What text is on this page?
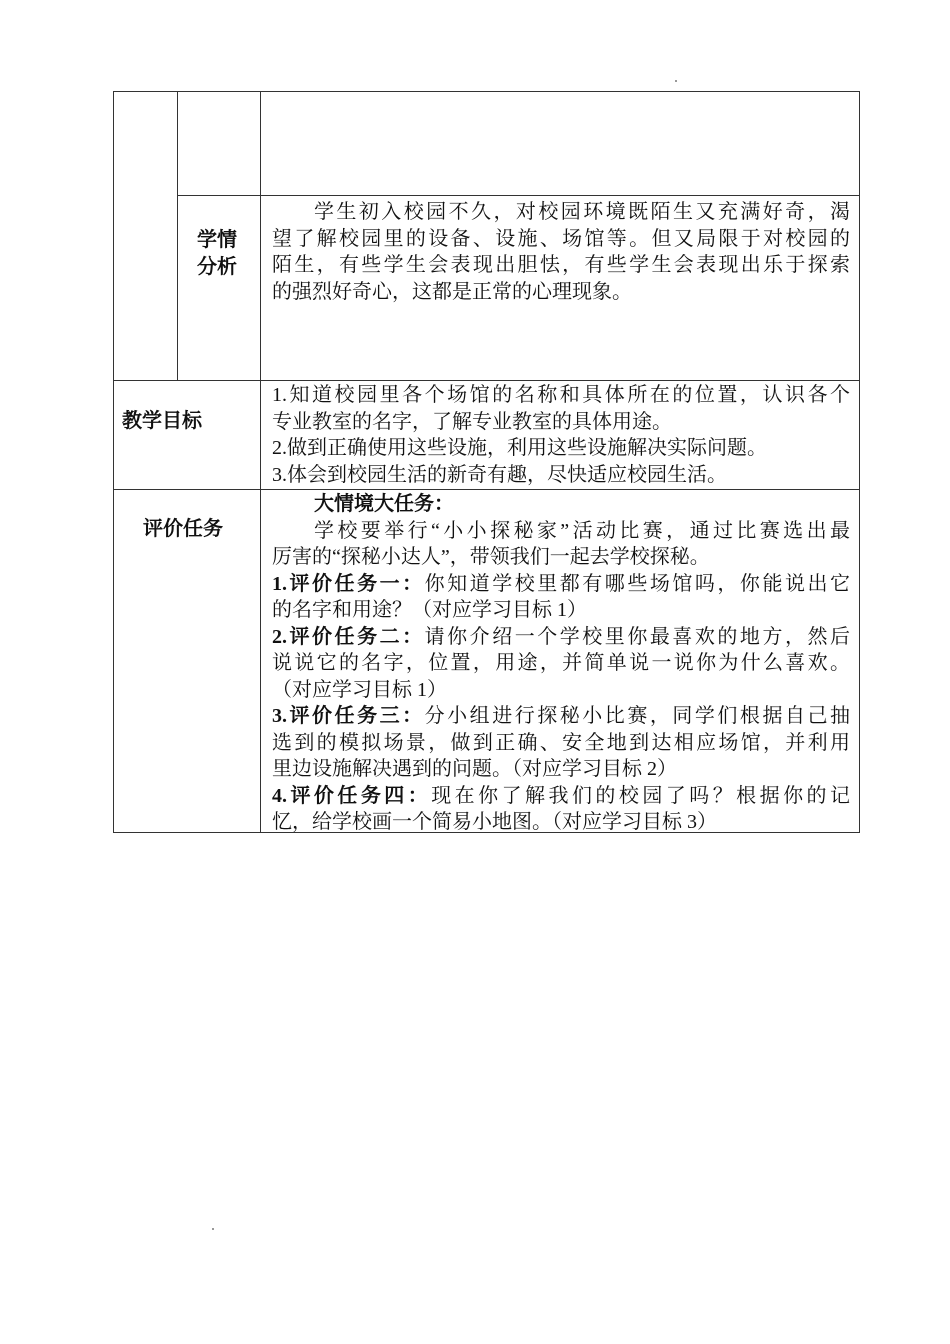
学情
分析
学生初入校园不久，对校园环境既陌生又充满好奇，渴
望了解校园里的设备、设施、场馆等。但又局限于对校园的
陌生，有些学生会表现出胆怯，有些学生会表现出乐于探索
的强烈好奇心，这都是正常的心理现象。
教学目标
1.知道校园里各个场馆的名称和具体所在的位置，认识各个
专业教室的名字，了解专业教室的具体用途。
2.做到正确使用这些设施，利用这些设施解决实际问题。
3.体会到校园生活的新奇有趣，尽快适应校园生活。
评价任务
大情境大任务：
学校要举行“小小探秘家”活动比赛，通过比赛选出最
厉害的“探秘小达人”，带领我们一起去学校探秘。
1.评价任务一：你知道学校里都有哪些场馆吗，你能说出它
的名字和用途？（对应学习目标 1）
2.评价任务二：请你介绍一个学校里你最喜欢的地方，然后
说说它的名字，位置，用途，并简单说一说你为什么喜欢。
（对应学习目标 1）
3.评价任务三：分小组进行探秘小比赛，同学们根据自己抽
选到的模拟场景，做到正确、安全地到达相应场馆，并利用
里边设施解决遇到的问题。（对应学习目标 2）
4.评价任务四：现在你了解我们的校园了吗？根据你的记
忆，给学校画一个简易小地图。（对应学习目标 3）
